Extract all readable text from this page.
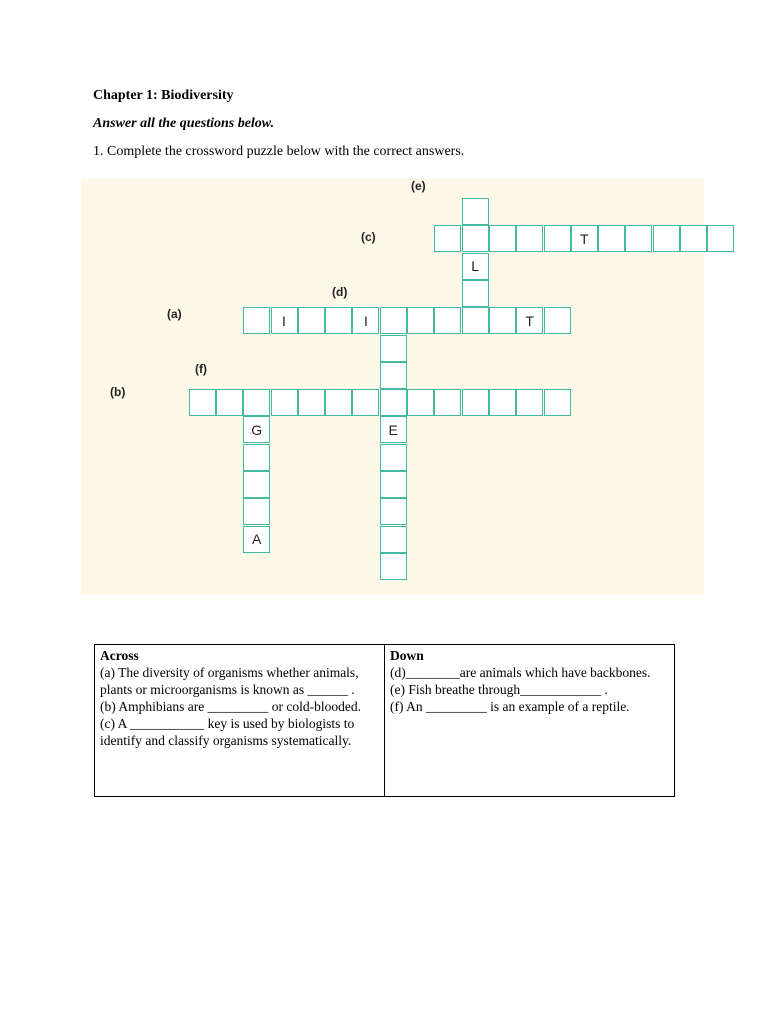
Chapter 1: Biodiversity
Answer all the questions below.
1. Complete the crossword puzzle below with the correct answers.
(e)
(c)
(d)
(a)
(f)
(b)
L
T
I	I	T
E
G
A
Across
(a) The diversity of organisms whether animals, plants or microorganisms is known as ______ .
(b) Amphibians are _________ or cold-blooded.
(c) A ___________ key is used by biologists to identify and classify organisms systematically.
Down
(d)________are animals which have backbones.
(e) Fish breathe through____________ .
(f) An _________ is an example of a reptile.
